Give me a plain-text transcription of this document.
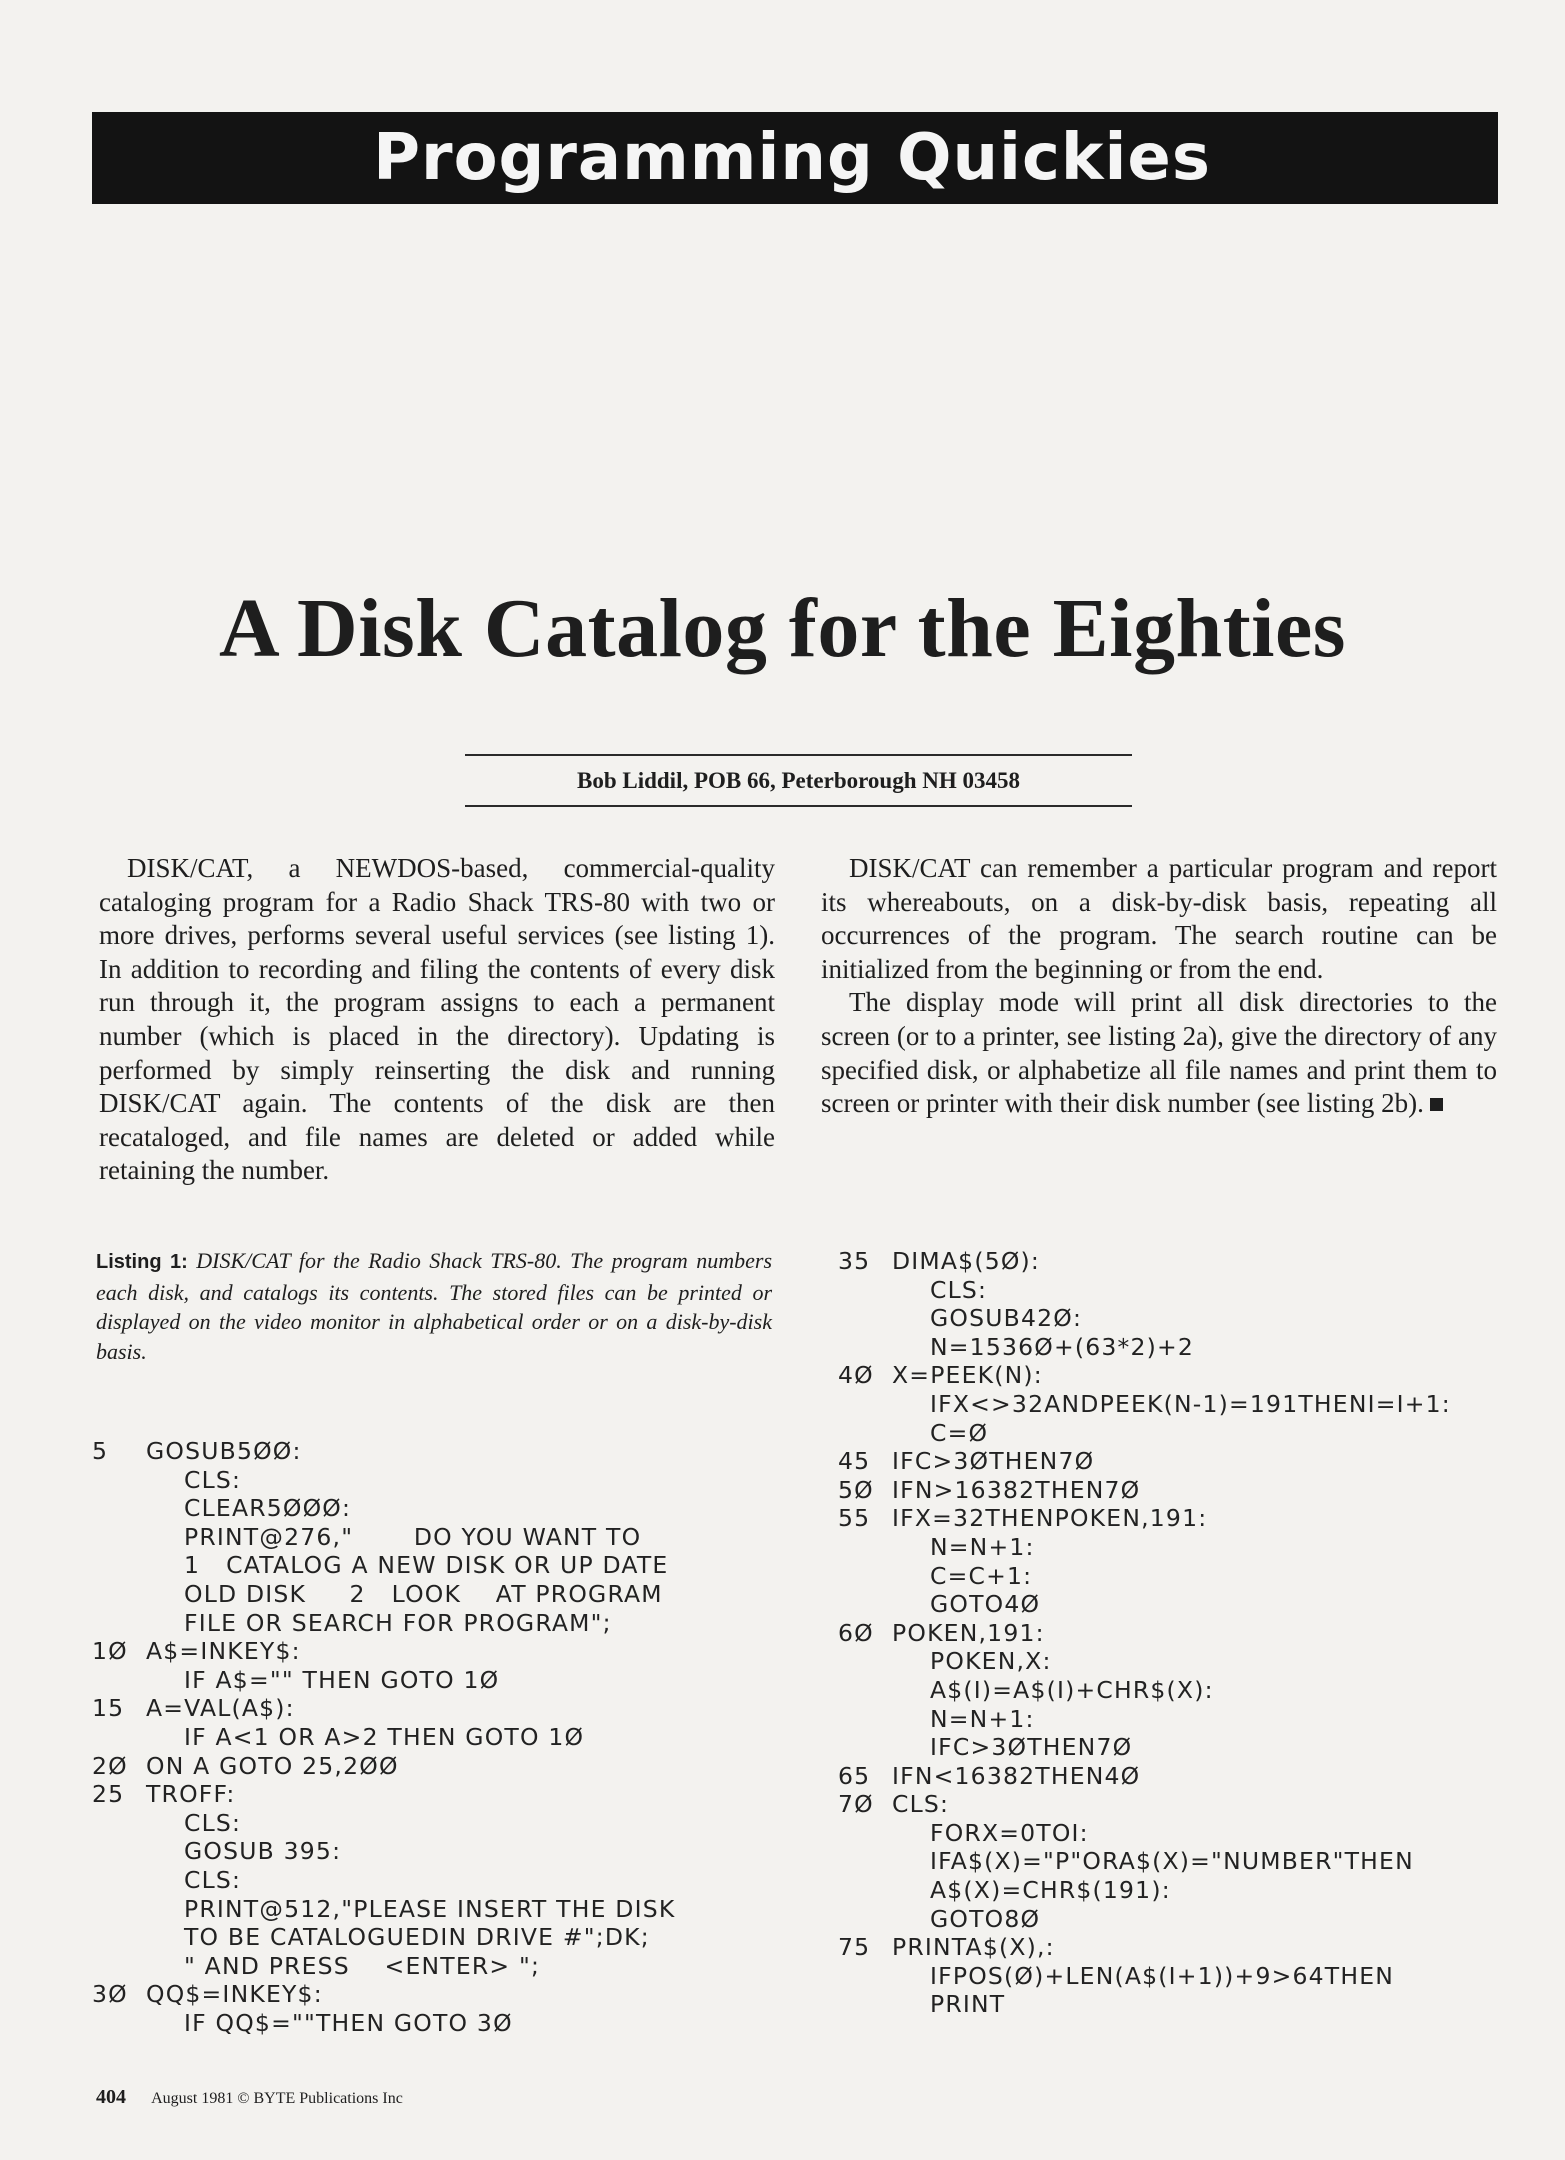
Programming Quickies
A Disk Catalog for the Eighties
Bob Liddil, POB 66, Peterborough NH 03458

DISK/CAT, a NEWDOS-based, commercial-quality cataloging program for a Radio Shack TRS-80 with two or more drives, performs several useful services (see listing 1). In addition to recording and filing the contents of every disk run through it, the program assigns to each a permanent number (which is placed in the directory). Updating is performed by simply reinserting the disk and running DISK/CAT again. The contents of the disk are then recataloged, and file names are deleted or added while retaining the number.

DISK/CAT can remember a particular program and report its whereabouts, on a disk-by-disk basis, repeating all occurrences of the program. The search routine can be initialized from the beginning or from the end.

The display mode will print all disk directories to the screen (or to a printer, see listing 2a), give the directory of any specified disk, or alphabetize all file names and print them to screen or printer with their disk number (see listing 2b).

Listing 1: DISK/CAT for the Radio Shack TRS-80. The program numbers each disk, and catalogs its contents. The stored files can be printed or displayed on the video monitor in alphabetical order or on a disk-by-disk basis.
5	GOSUB5ØØ:
CLS:
CLEAR5ØØØ:
PRINT@276,"       DO YOU WANT TO
1   CATALOG A NEW DISK OR UP DATE
OLD DISK     2   LOOK    AT PROGRAM
FILE OR SEARCH FOR PROGRAM";
1Ø A$=INKEY$:
IF A$="" THEN GOTO 1Ø
15 A=VAL(A$):
IF A<1 OR A>2 THEN GOTO 1Ø
2Ø ON A GOTO 25,2ØØ
25 TROFF:
CLS:
GOSUB 395:
CLS:
PRINT@512,"PLEASE INSERT THE DISK
TO BE CATALOGUEDIN DRIVE #";DK;
" AND PRESS    <ENTER> ";
3Ø QQ$=INKEY$:
IF QQ$=""THEN GOTO 3Ø
35 DIMA$(5Ø):
CLS:
GOSUB42Ø:
N=1536Ø+(63*2)+2
4Ø X=PEEK(N):
IFX<>32ANDPEEK(N-1)=191THENI=I+1:
C=Ø
45 IFC>3ØTHEN7Ø
5Ø IFN>16382THEN7Ø
55 IFX=32THENPOKEN,191:
N=N+1:
C=C+1:
GOTO4Ø
6Ø POKEN,191:
POKEN,X:
A$(I)=A$(I)+CHR$(X):
N=N+1:
IFC>3ØTHEN7Ø
65 IFN<16382THEN4Ø
7Ø CLS:
FORX=0TOI:
IFA$(X)="P"ORA$(X)="NUMBER"THEN
A$(X)=CHR$(191):
GOTO8Ø
75 PRINTA$(X),:
IFPOS(Ø)+LEN(A$(I+1))+9>64THEN
PRINT
404 August 1981 © BYTE Publications Inc
